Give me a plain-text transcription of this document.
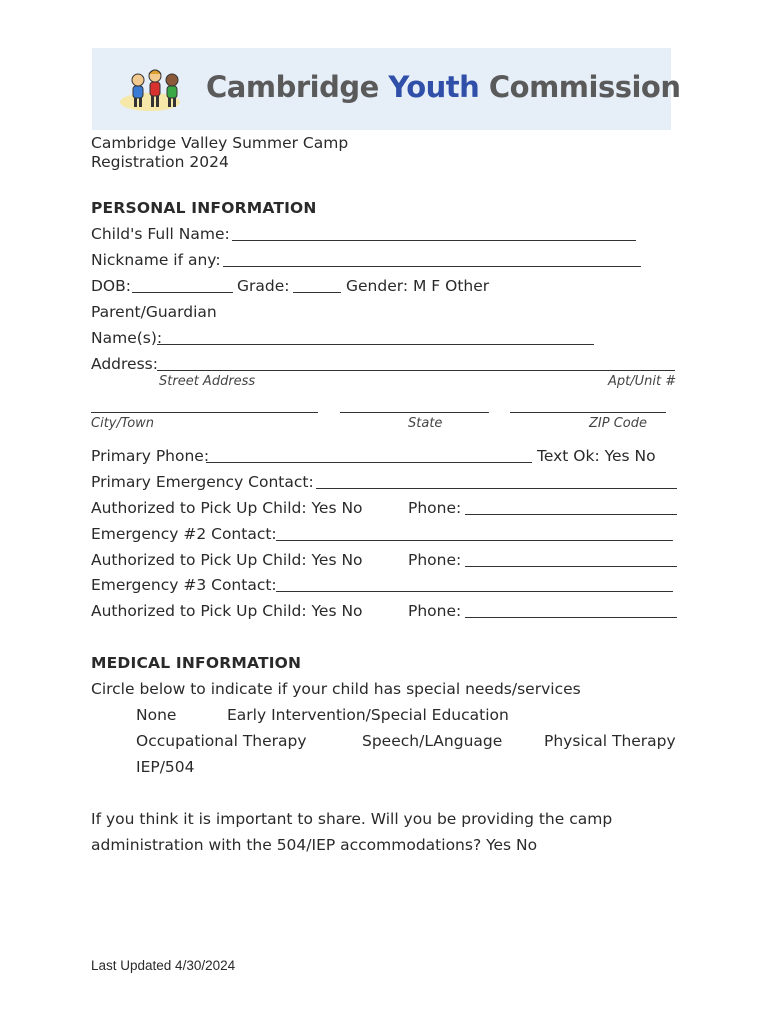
Cambridge Youth Commission
Cambridge Valley Summer Camp
Registration 2024
PERSONAL INFORMATION
Child's Full Name:
Nickname if any:
DOB:	Grade:	Gender: M F Other
Parent/Guardian
Name(s):
Address:
Street Address	Apt/Unit #
City/Town	State	ZIP Code
Primary Phone:	Text Ok: Yes No
Primary Emergency Contact:
Authorized to Pick Up Child: Yes No	Phone:
Emergency #2 Contact:
Authorized to Pick Up Child: Yes No	Phone:
Emergency #3 Contact:
Authorized to Pick Up Child: Yes No	Phone:
MEDICAL INFORMATION
Circle below to indicate if your child has special needs/services
None	Early Intervention/Special Education
Occupational Therapy	Speech/LAnguage	Physical Therapy
IEP/504
If you think it is important to share. Will you be providing the camp
administration with the 504/IEP accommodations? Yes No
Last Updated 4/30/2024
